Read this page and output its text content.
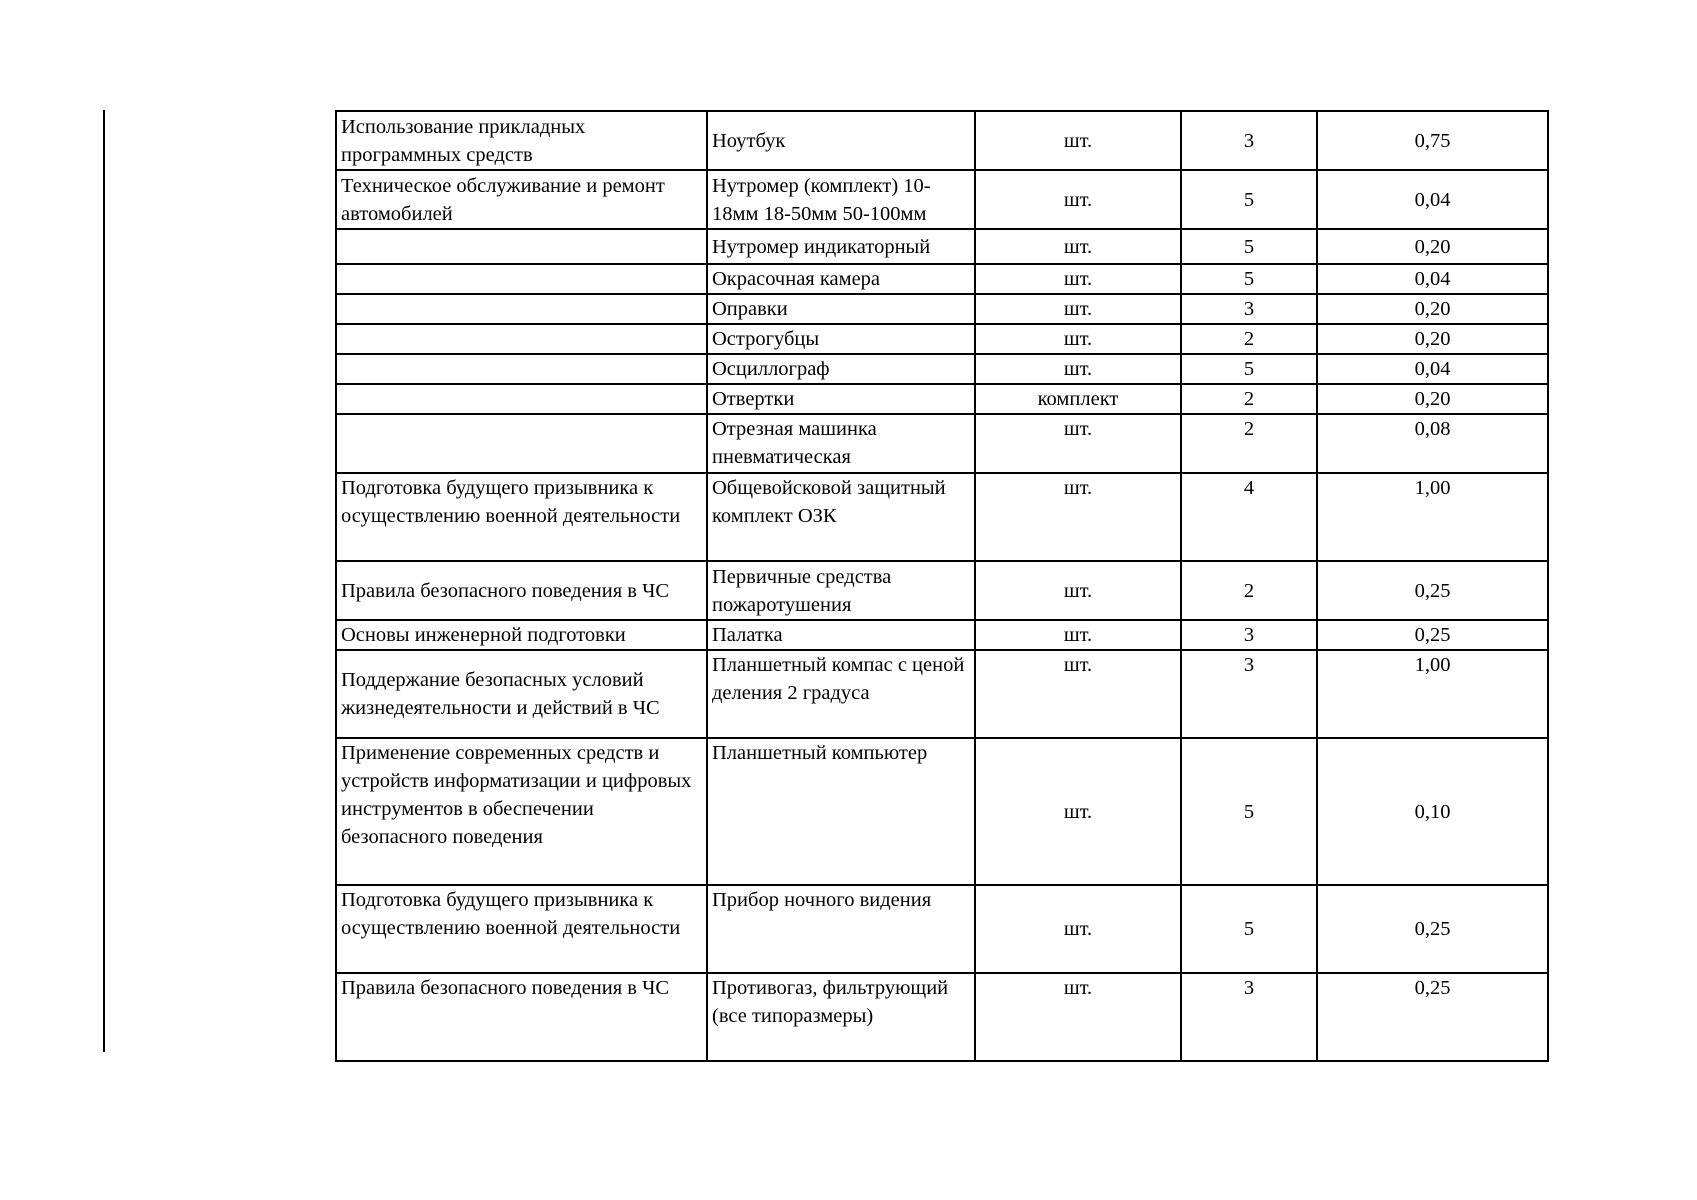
Использование прикладных программных средств	Ноутбук	шт.	3	0,75
Техническое обслуживание и ремонт автомобилей	Нутромер (комплект) 10-18мм 18-50мм 50-100мм	шт.	5	0,04
	Нутромер индикаторный	шт.	5	0,20
	Окрасочная камера	шт.	5	0,04
	Оправки	шт.	3	0,20
	Острогубцы	шт.	2	0,20
	Осциллограф	шт.	5	0,04
	Отвертки	комплект	2	0,20
	Отрезная машинка пневматическая	шт.	2	0,08
Подготовка будущего призывника к осуществлению военной деятельности	Общевойсковой защитный комплект ОЗК	шт.	4	1,00
Правила безопасного поведения в ЧС	Первичные средства пожаротушения	шт.	2	0,25
Основы инженерной подготовки	Палатка	шт.	3	0,25
Поддержание безопасных условий жизнедеятельности и действий в ЧС	Планшетный компас с ценой деления 2 градуса	шт.	3	1,00
Применение современных средств и устройств информатизации и цифровых инструментов в обеспечении безопасного поведения	Планшетный компьютер	шт.	5	0,10
Подготовка будущего призывника к осуществлению военной деятельности	Прибор ночного видения	шт.	5	0,25
Правила безопасного поведения в ЧС	Противогаз, фильтрующий (все типоразмеры)	шт.	3	0,25
